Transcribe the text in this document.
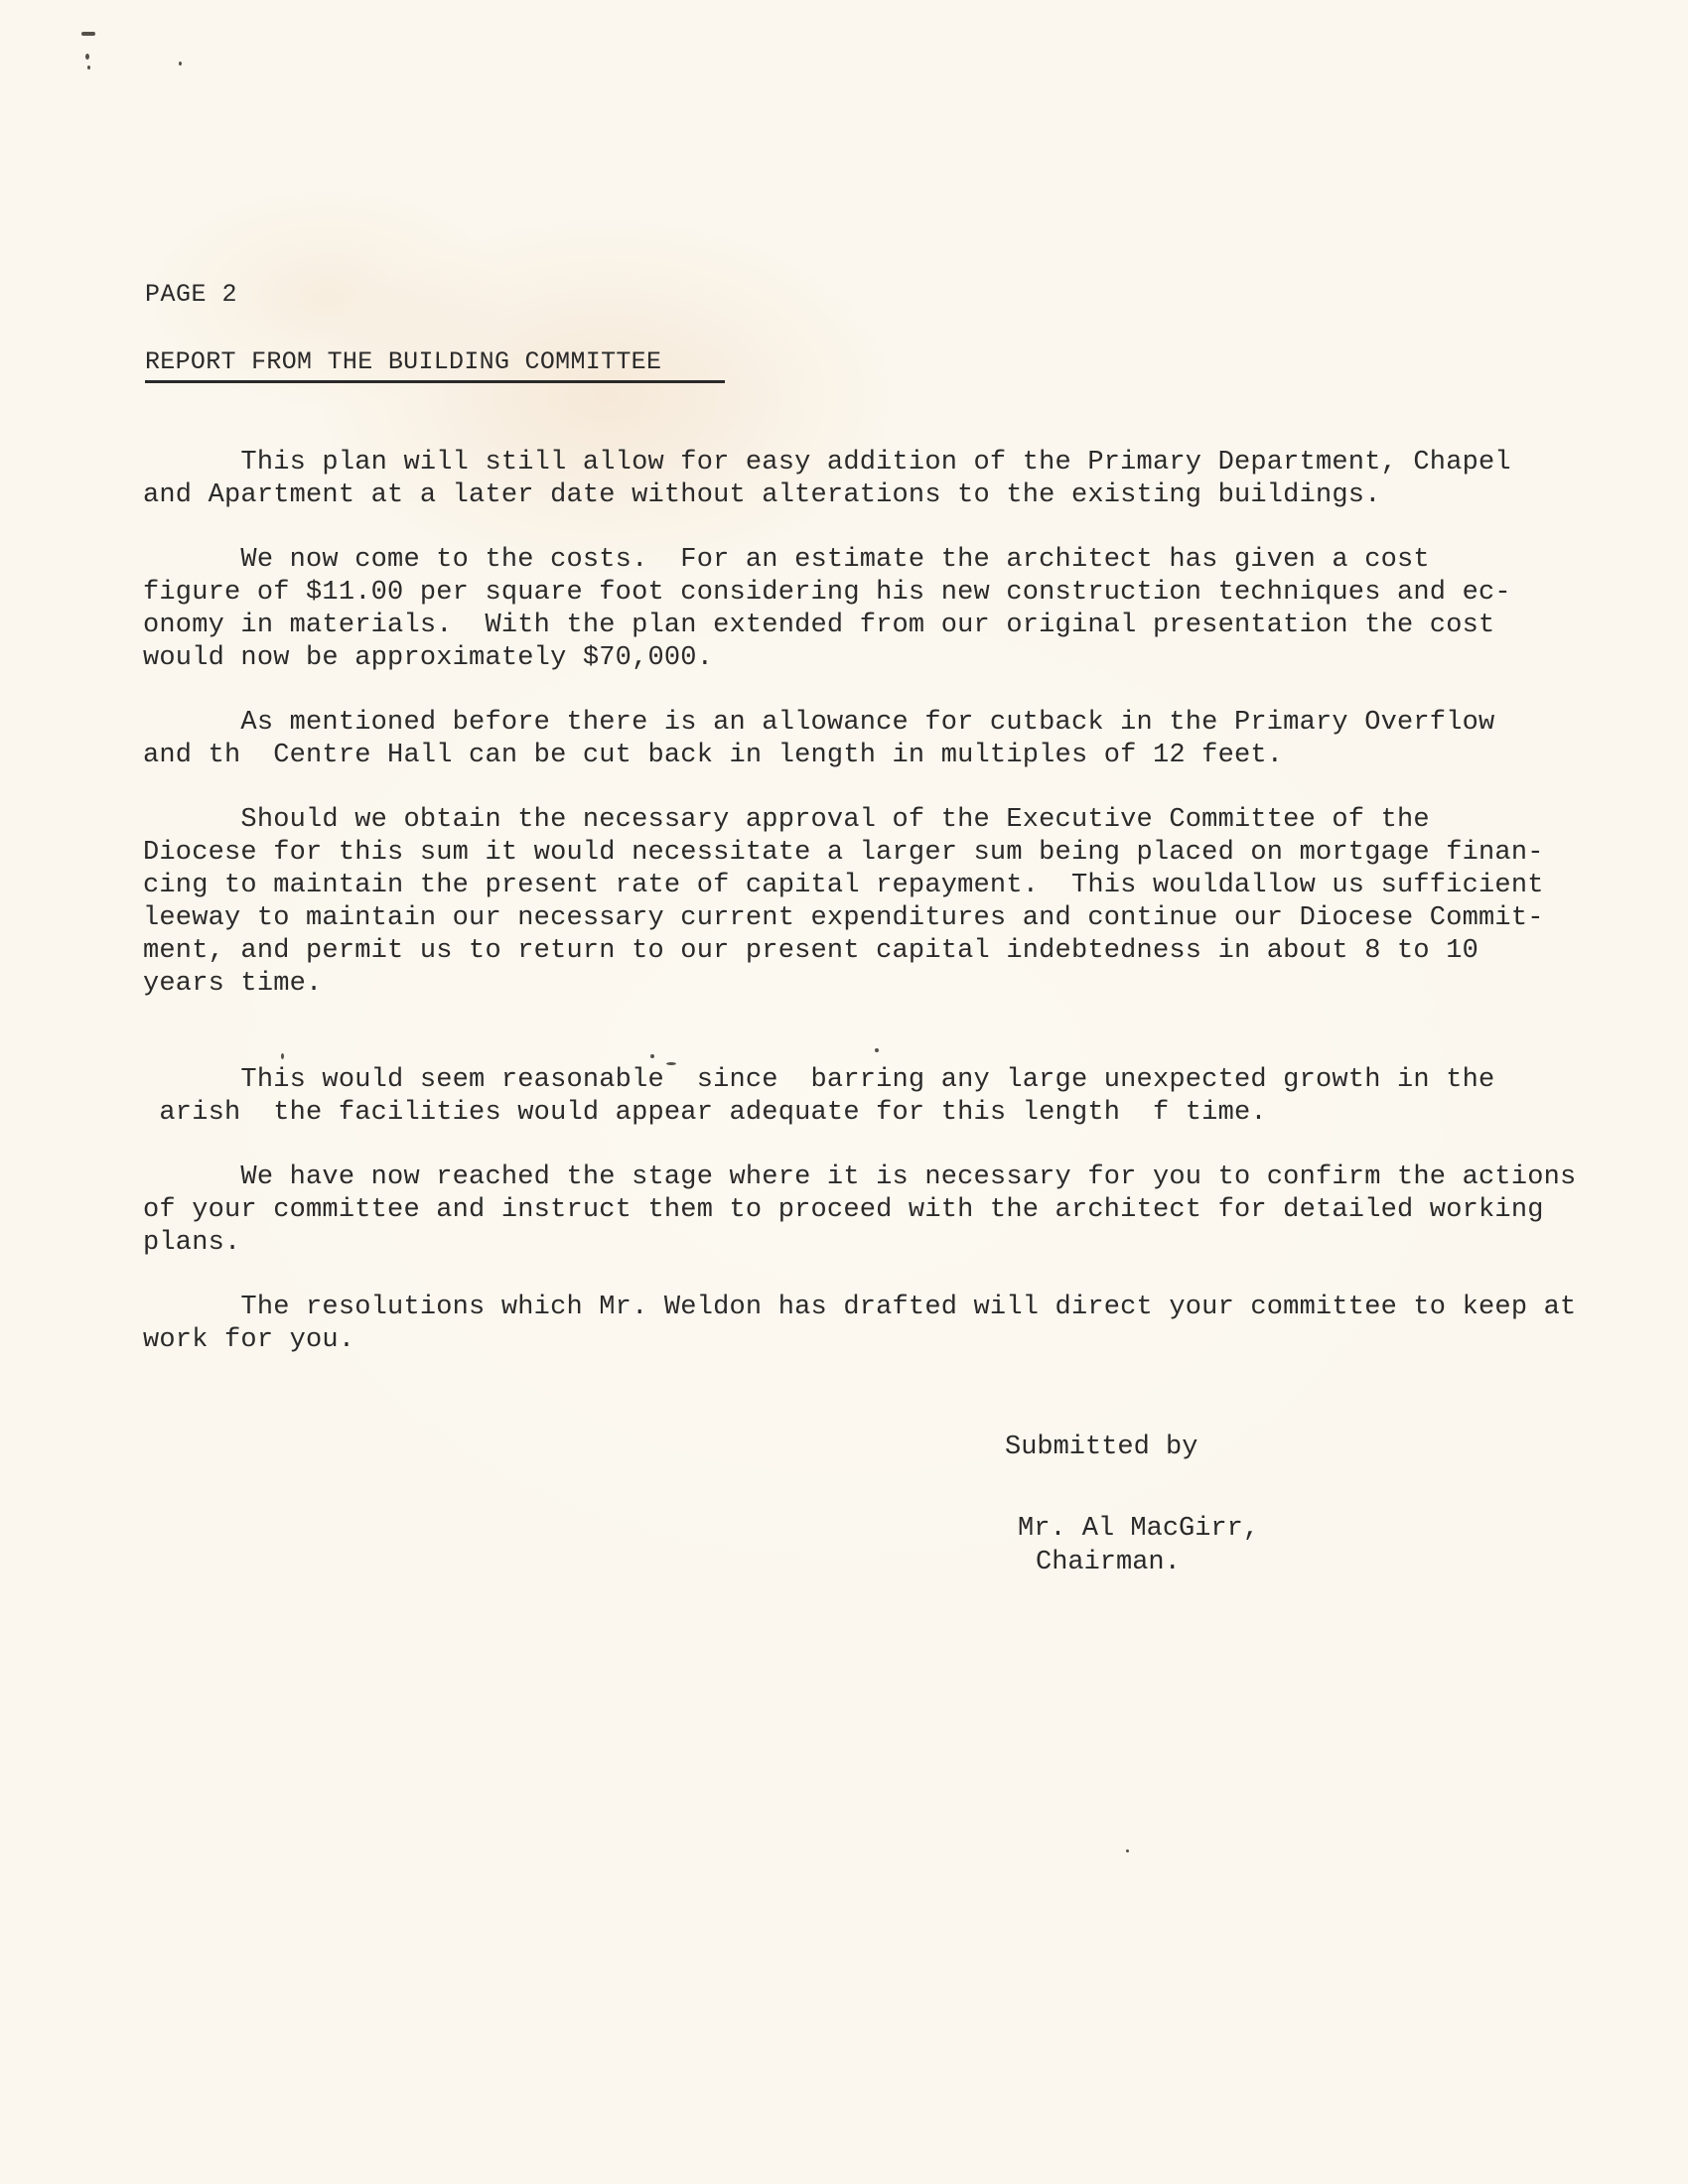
PAGE 2
REPORT FROM THE BUILDING COMMITTEE

This plan will still allow for easy addition of the Primary Department, Chapel
and Apartment at a later date without alterations to the existing buildings.

We now come to the costs.  For an estimate the architect has given a cost
figure of $11.00 per square foot considering his new construction techniques and ec-
onomy in materials.  With the plan extended from our original presentation the cost
would now be approximately $70,000.

As mentioned before there is an allowance for cutback in the Primary Overflow
and th  Centre Hall can be cut back in length in multiples of 12 feet.

Should we obtain the necessary approval of the Executive Committee of the
Diocese for this sum it would necessitate a larger sum being placed on mortgage finan-
cing to maintain the present rate of capital repayment.  This wouldallow us sufficient
leeway to maintain our necessary current expenditures and continue our Diocese Commit-
ment, and permit us to return to our present capital indebtedness in about 8 to 10
years time.

This would seem reasonable  since  barring any large unexpected growth in the
arish  the facilities would appear adequate for this length  f time.

We have now reached the stage where it is necessary for you to confirm the actions
of your committee and instruct them to proceed with the architect for detailed working
plans.

The resolutions which Mr. Weldon has drafted will direct your committee to keep at
work for you.

Submitted by
Mr. Al MacGirr,
Chairman.
